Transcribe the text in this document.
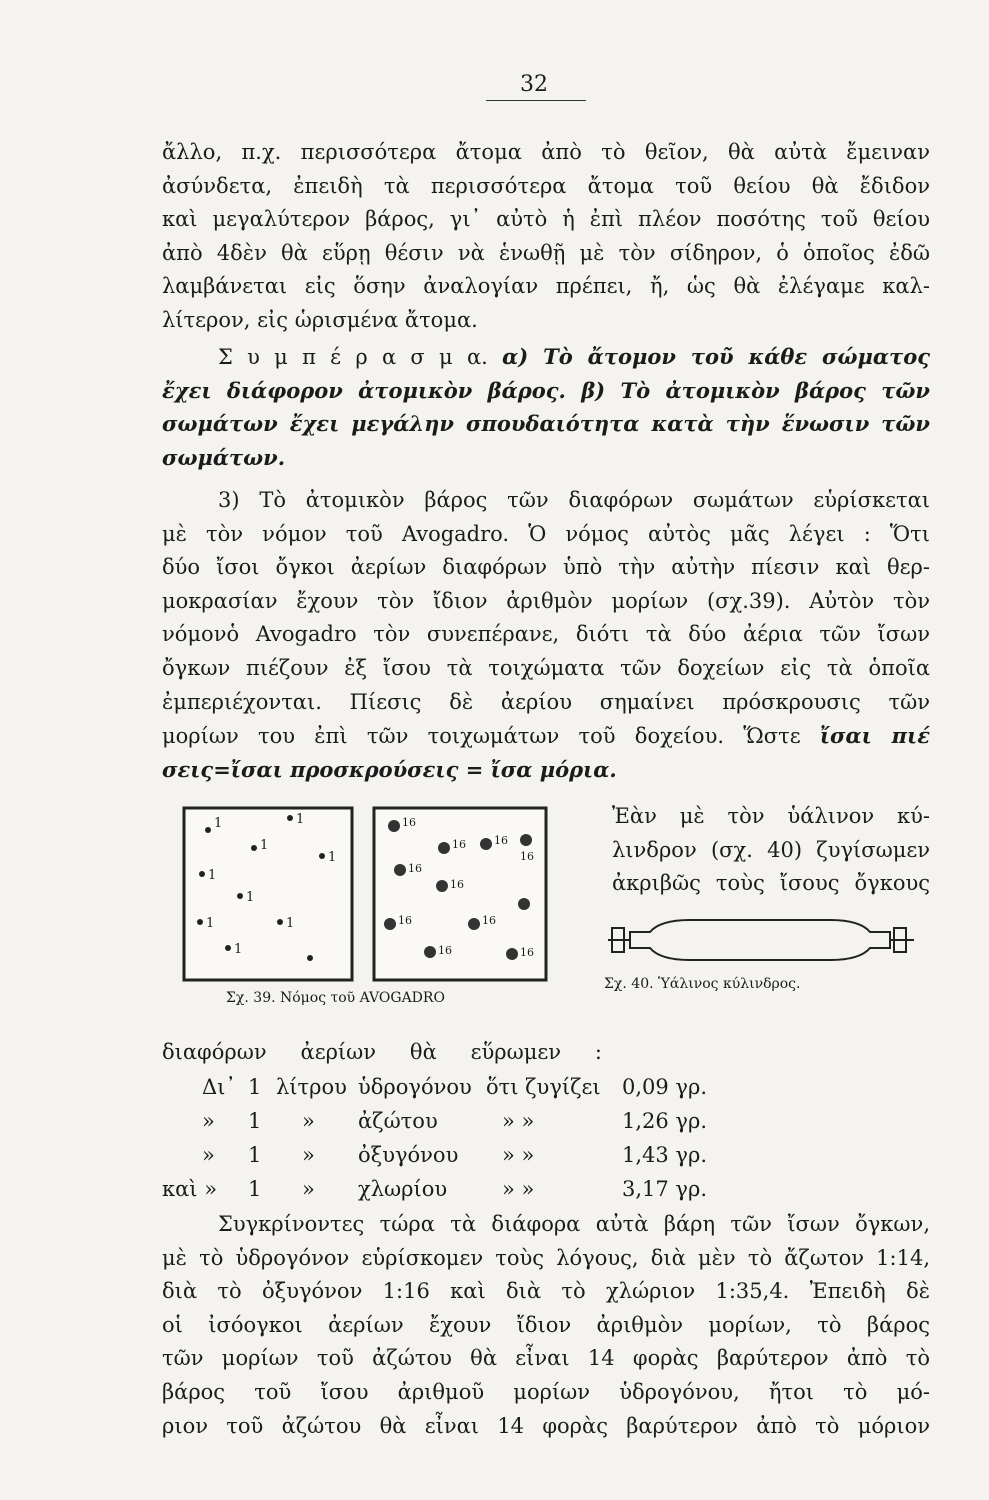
32
ἄλλο, π.χ. περισσότερα ἄτομα ἀπὸ τὸ θεῖον, θὰ αὐτὰ ἔμειναν
ἀσύνδετα, ἐπειδὴ τὰ περισσότερα ἄτομα τοῦ θείου θὰ ἔδιδον
καὶ μεγαλύτερον βάρος, γι᾽ αὐτὸ ἡ ἐπὶ πλέον ποσότης τοῦ θείου
ἀπὸ 4δὲν θὰ εὕρῃ θέσιν νὰ ἑνωθῇ μὲ τὸν σίδηρον, ὁ ὁποῖος ἐδῶ
λαμβάνεται εἰς ὅσην ἀναλογίαν πρέπει, ἤ, ὡς θὰ ἐλέγαμε καλ-
λίτερον, εἰς ὡρισμένα ἄτομα.
Σ υ μ π έ ρ α σ μ α. α) Τὸ ἄτομον τοῦ κάθε σώματος
ἔχει διάφορον ἀτομικὸν βάρος. β) Τὸ ἀτομικὸν βάρος τῶν
σωμάτων ἔχει μεγάλην σπουδαιότητα κατὰ τὴν ἕνωσιν τῶν
σωμάτων.
3) Τὸ ἀτομικὸν βάρος τῶν διαφόρων σωμάτων εὑρίσκεται
μὲ τὸν νόμον τοῦ Avogadro. Ὁ νόμος αὐτὸς μᾶς λέγει : Ὅτι
δύο ἴσοι ὄγκοι ἀερίων διαφόρων ὑπὸ τὴν αὐτὴν πίεσιν καὶ θερ-
μοκρασίαν ἔχουν τὸν ἴδιον ἀριθμὸν μορίων (σχ.39). Αὐτὸν τὸν
νόμονὁ Avogadro τὸν συνεπέρανε, διότι τὰ δύο ἀέρια τῶν ἴσων
ὄγκων πιέζουν ἐξ ἴσου τὰ τοιχώματα τῶν δοχείων εἰς τὰ ὁποῖα
ἐμπεριέχονται. Πίεσις δὲ ἀερίου σημαίνει πρόσκρουσις τῶν
μορίων του ἐπὶ τῶν τοιχωμάτων τοῦ δοχείου. Ὥστε ἴσαι πιέ
σεις=ἴσαι προσκρούσεις = ἴσα μόρια.
Ἐὰν μὲ τὸν ὑάλινον κύ-
λινδρον (σχ. 40) ζυγίσωμεν
ἀκριβῶς τοὺς ἴσους ὄγκους
1	1
1
1
1
1
1	1
1
16
16	16
16
16
16
16	16
16	16
Σχ. 39. Νόμος τοῦ AVOGADRO
Σχ. 40. Ὑάλινος κύλινδρος.
διαφόρων ἀερίων θὰ εὕρωμεν :
Δι᾽ 1 λίτρου ὑδρογόνου ὅτι ζυγίζει 0,09 γρ.
» 1 » ἀζώτου	» »	1,26 γρ.
» 1 » ὀξυγόνου » »	1,43 γρ.
καὶ » 1 » χλωρίου	» »	3,17 γρ.
Συγκρίνοντες τώρα τὰ διάφορα αὐτὰ βάρη τῶν ἴσων ὄγκων,
μὲ τὸ ὑδρογόνον εὑρίσκομεν τοὺς λόγους, διὰ μὲν τὸ ἄζωτον 1:14,
διὰ τὸ ὀξυγόνον 1:16 καὶ διὰ τὸ χλώριον 1:35,4. Ἐπειδὴ δὲ
οἱ ἰσόογκοι ἀερίων ἔχουν ἴδιον ἀριθμὸν μορίων, τὸ βάρος
τῶν μορίων τοῦ ἀζώτου θὰ εἶναι 14 φορὰς βαρύτερον ἀπὸ τὸ
βάρος τοῦ ἴσου ἀριθμοῦ μορίων ὑδρογόνου, ἤτοι τὸ μό-
ριον τοῦ ἀζώτου θὰ εἶναι 14 φορὰς βαρύτερον ἀπὸ τὸ μόριον
